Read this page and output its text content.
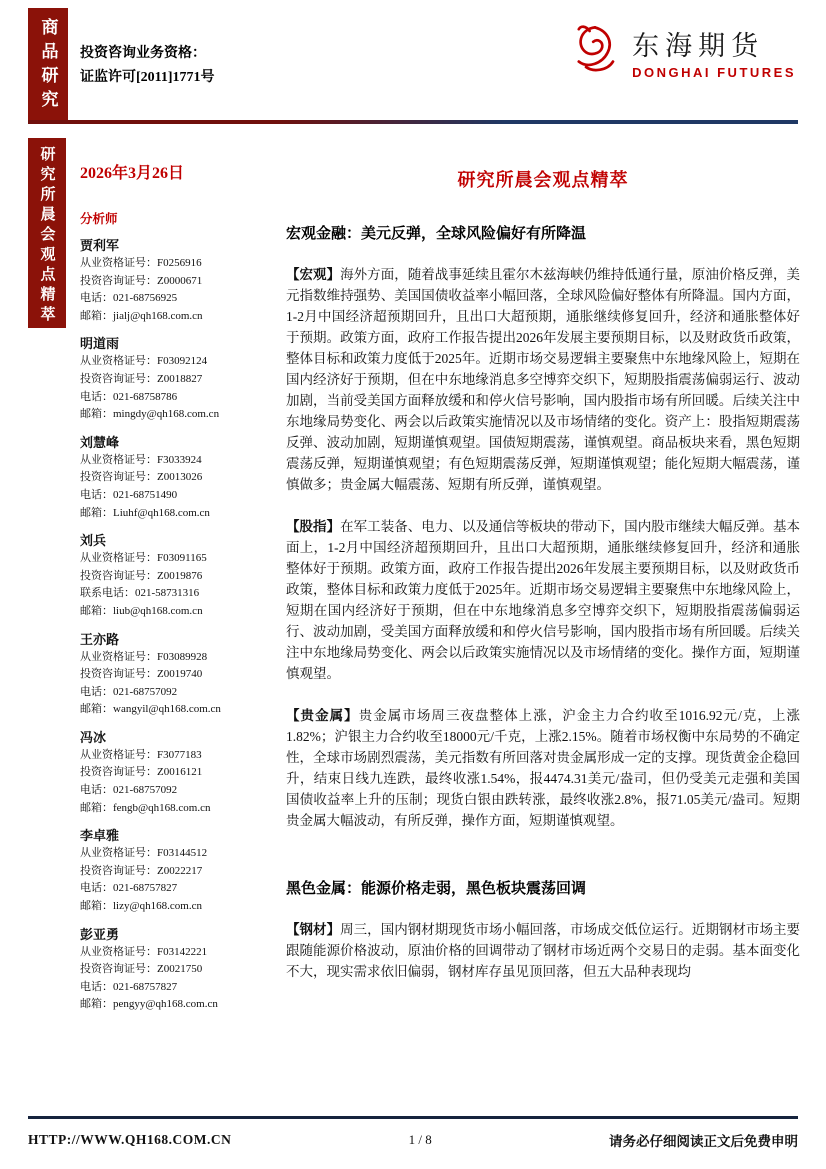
商品研究 投资咨询业务资格：
证监许可[2011]1771号
东海期货
DONGHAI FUTURES
研究所晨会观点精萃 2026年3月26日
分析师
贾利军
从业资格证号：F0256916
投资咨询证号：Z0000671
电话：021-68756925
邮箱：jialj@qh168.com.cn
明道雨
从业资格证号：F03092124
投资咨询证号：Z0018827
电话：021-68758786
邮箱：mingdy@qh168.com.cn
刘慧峰
从业资格证号：F3033924
投资咨询证号：Z0013026
电话：021-68751490
邮箱：Liuhf@qh168.com.cn
刘兵
从业资格证号：F03091165
投资咨询证号：Z0019876
联系电话：021-58731316
邮箱：liub@qh168.com.cn
王亦路
从业资格证号：F03089928
投资咨询证号：Z0019740
电话：021-68757092
邮箱：wangyil@qh168.com.cn
冯冰
从业资格证号：F3077183
投资咨询证号：Z0016121
电话：021-68757092
邮箱：fengb@qh168.com.cn
李卓雅
从业资格证号：F03144512
投资咨询证号：Z0022217
电话：021-68757827
邮箱：lizy@qh168.com.cn
彭亚勇
从业资格证号：F03142221
投资咨询证号：Z0021750
电话：021-68757827
邮箱：pengyy@qh168.com.cn
研究所晨会观点精萃
宏观金融：美元反弹，全球风险偏好有所降温

【宏观】海外方面，随着战事延续且霍尔木兹海峡仍维持低通行量，原油价格反弹，美元指数维持强势、美国国债收益率小幅回落，全球风险偏好整体有所降温。国内方面，1-2月中国经济超预期回升，且出口大超预期，通胀继续修复回升，经济和通胀整体好于预期。政策方面，政府工作报告提出2026年发展主要预期目标，以及财政货币政策，整体目标和政策力度低于2025年。近期市场交易逻辑主要聚焦中东地缘风险上，短期在国内经济好于预期，但在中东地缘消息多空博弈交织下，短期股指震荡偏弱运行、波动加剧，当前受美国方面释放缓和和停火信号影响，国内股指市场有所回暖。后续关注中东地缘局势变化、两会以后政策实施情况以及市场情绪的变化。资产上：股指短期震荡反弹、波动加剧，短期谨慎观望。国债短期震荡，谨慎观望。商品板块来看，黑色短期震荡反弹，短期谨慎观望；有色短期震荡反弹，短期谨慎观望；能化短期大幅震荡，谨慎做多；贵金属大幅震荡、短期有所反弹，谨慎观望。

【股指】在军工装备、电力、以及通信等板块的带动下，国内股市继续大幅反弹。基本面上，1-2月中国经济超预期回升，且出口大超预期，通胀继续修复回升，经济和通胀整体好于预期。政策方面，政府工作报告提出2026年发展主要预期目标，以及财政货币政策，整体目标和政策力度低于2025年。近期市场交易逻辑主要聚焦中东地缘风险上，短期在国内经济好于预期，但在中东地缘消息多空博弈交织下，短期股指震荡偏弱运行、波动加剧，受美国方面释放缓和和停火信号影响，国内股指市场有所回暖。后续关注中东地缘局势变化、两会以后政策实施情况以及市场情绪的变化。操作方面，短期谨慎观望。

【贵金属】贵金属市场周三夜盘整体上涨，沪金主力合约收至1016.92元/克，上涨1.82%；沪银主力合约收至18000元/千克，上涨2.15%。随着市场权衡中东局势的不确定性，全球市场剧烈震荡，美元指数有所回落对贵金属形成一定的支撑。现货黄金企稳回升，结束日线九连跌，最终收涨1.54%，报4474.31美元/盎司，但仍受美元走强和美国国债收益率上升的压制；现货白银由跌转涨，最终收涨2.8%，报71.05美元/盎司。短期贵金属大幅波动，有所反弹，操作方面，短期谨慎观望。

黑色金属：能源价格走弱，黑色板块震荡回调

【钢材】周三，国内钢材期现货市场小幅回落，市场成交低位运行。近期钢材市场主要跟随能源价格波动，原油价格的回调带动了钢材市场近两个交易日的走弱。基本面变化不大，现实需求依旧偏弱，钢材库存虽见顶回落，但五大品种表现均

HTTP://WWW.QH168.COM.CN	1 / 8	请务必仔细阅读正文后免费申明
